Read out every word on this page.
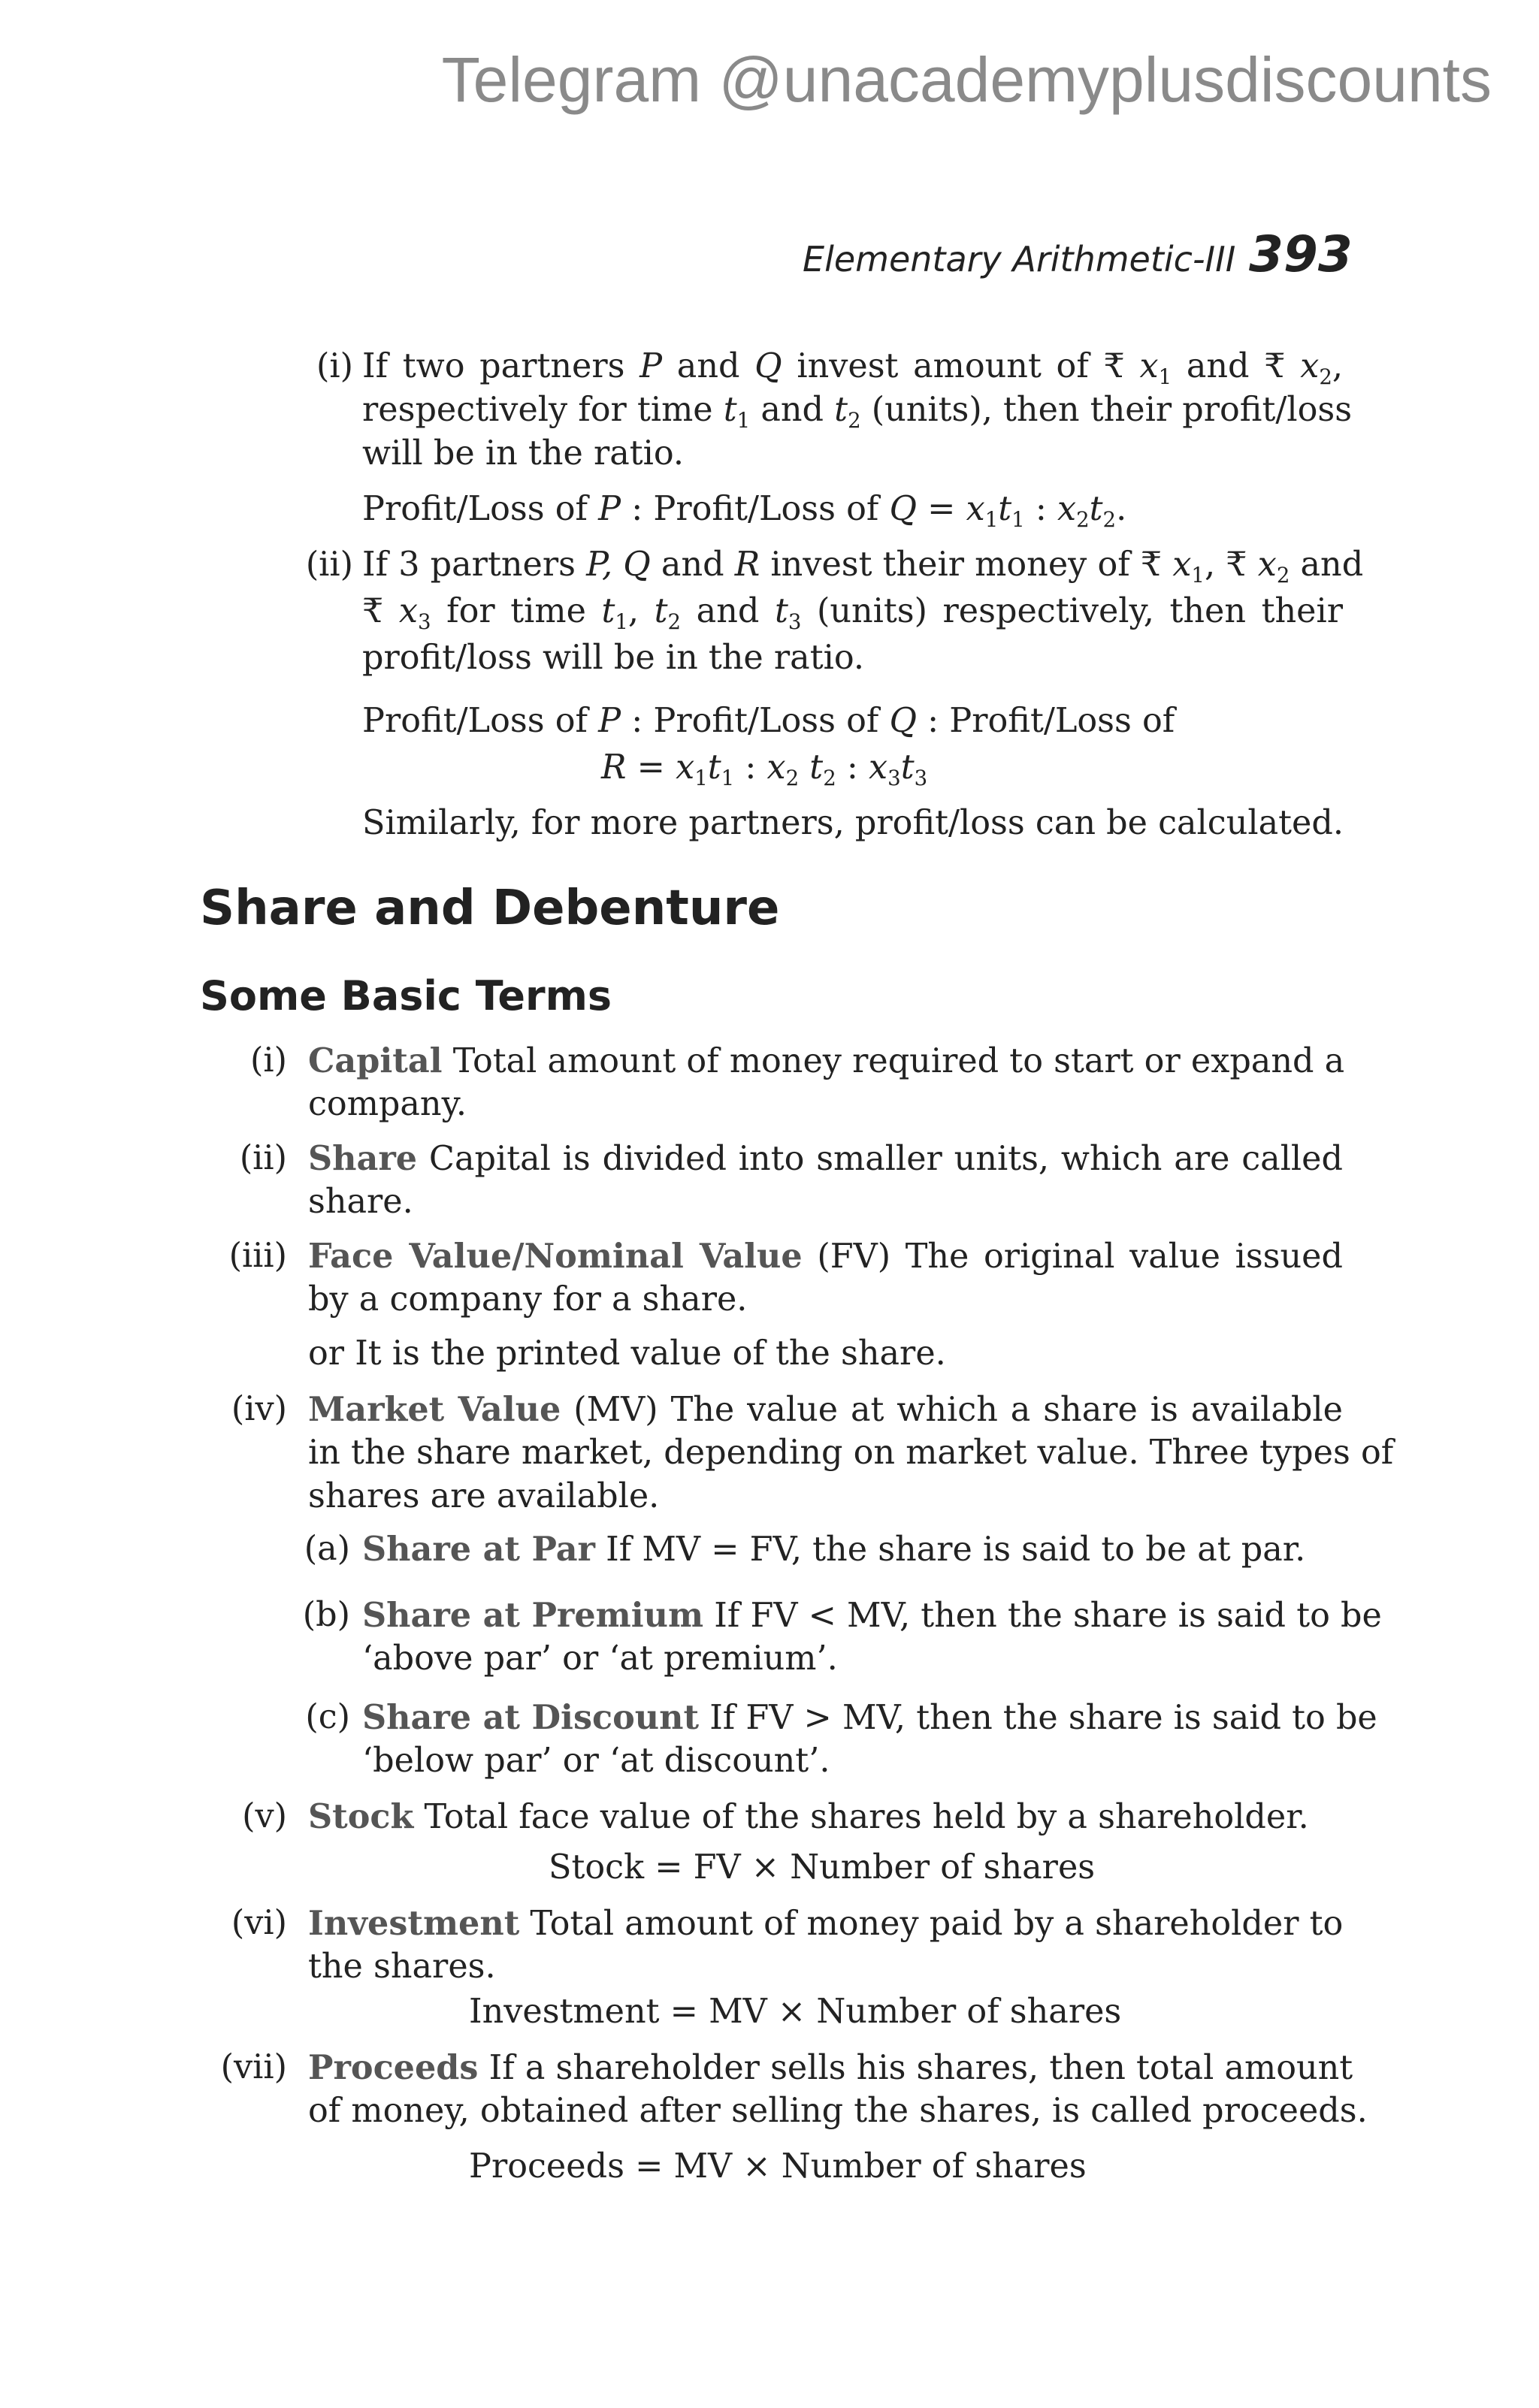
Telegram @unacademyplusdiscounts
Elementary Arithmetic-III 393
(i) If two partners P and Q invest amount of ₹ $x_1$ and ₹ $x_2$,
respectively for time $t_1$ and $t_2$ (units), then their profit/loss
will be in the ratio.
Profit/Loss of P : Profit/Loss of $Q = x_1t_1$ : $x_2t_2$.
(ii) If 3 partners P, Q and R invest their money of ₹ $x_1$, ₹ $x_2$ and
₹ $x_3$ for time $t_1$, $t_2$ and $t_3$ (units) respectively, then their
profit/loss will be in the ratio.
Profit/Loss of P : Profit/Loss of Q : Profit/Loss of
$R = x_1t_1$ : $x_2$ $t_2$ : $x_3t_3$
Similarly, for more partners, profit/loss can be calculated.
Share and Debenture
Some Basic Terms
(i) Capital Total amount of money required to start or expand a
company.
(ii) Share Capital is divided into smaller units, which are called
share.
(iii) Face Value/Nominal Value (FV) The original value issued
by a company for a share.
or It is the printed value of the share.
(iv) Market Value (MV) The value at which a share is available
in the share market, depending on market value. Three types of
shares are available.
(a) Share at Par If MV = FV, the share is said to be at par.
(b) Share at Premium If FV < MV, then the share is said to be
‘above par’ or ‘at premium’.
(c) Share at Discount If FV > MV, then the share is said to be
‘below par’ or ‘at discount’.
(v) Stock Total face value of the shares held by a shareholder.
Stock = FV × Number of shares
(vi) Investment Total amount of money paid by a shareholder to
the shares.
Investment = MV × Number of shares
(vii) Proceeds If a shareholder sells his shares, then total amount
of money, obtained after selling the shares, is called proceeds.
Proceeds = MV × Number of shares
